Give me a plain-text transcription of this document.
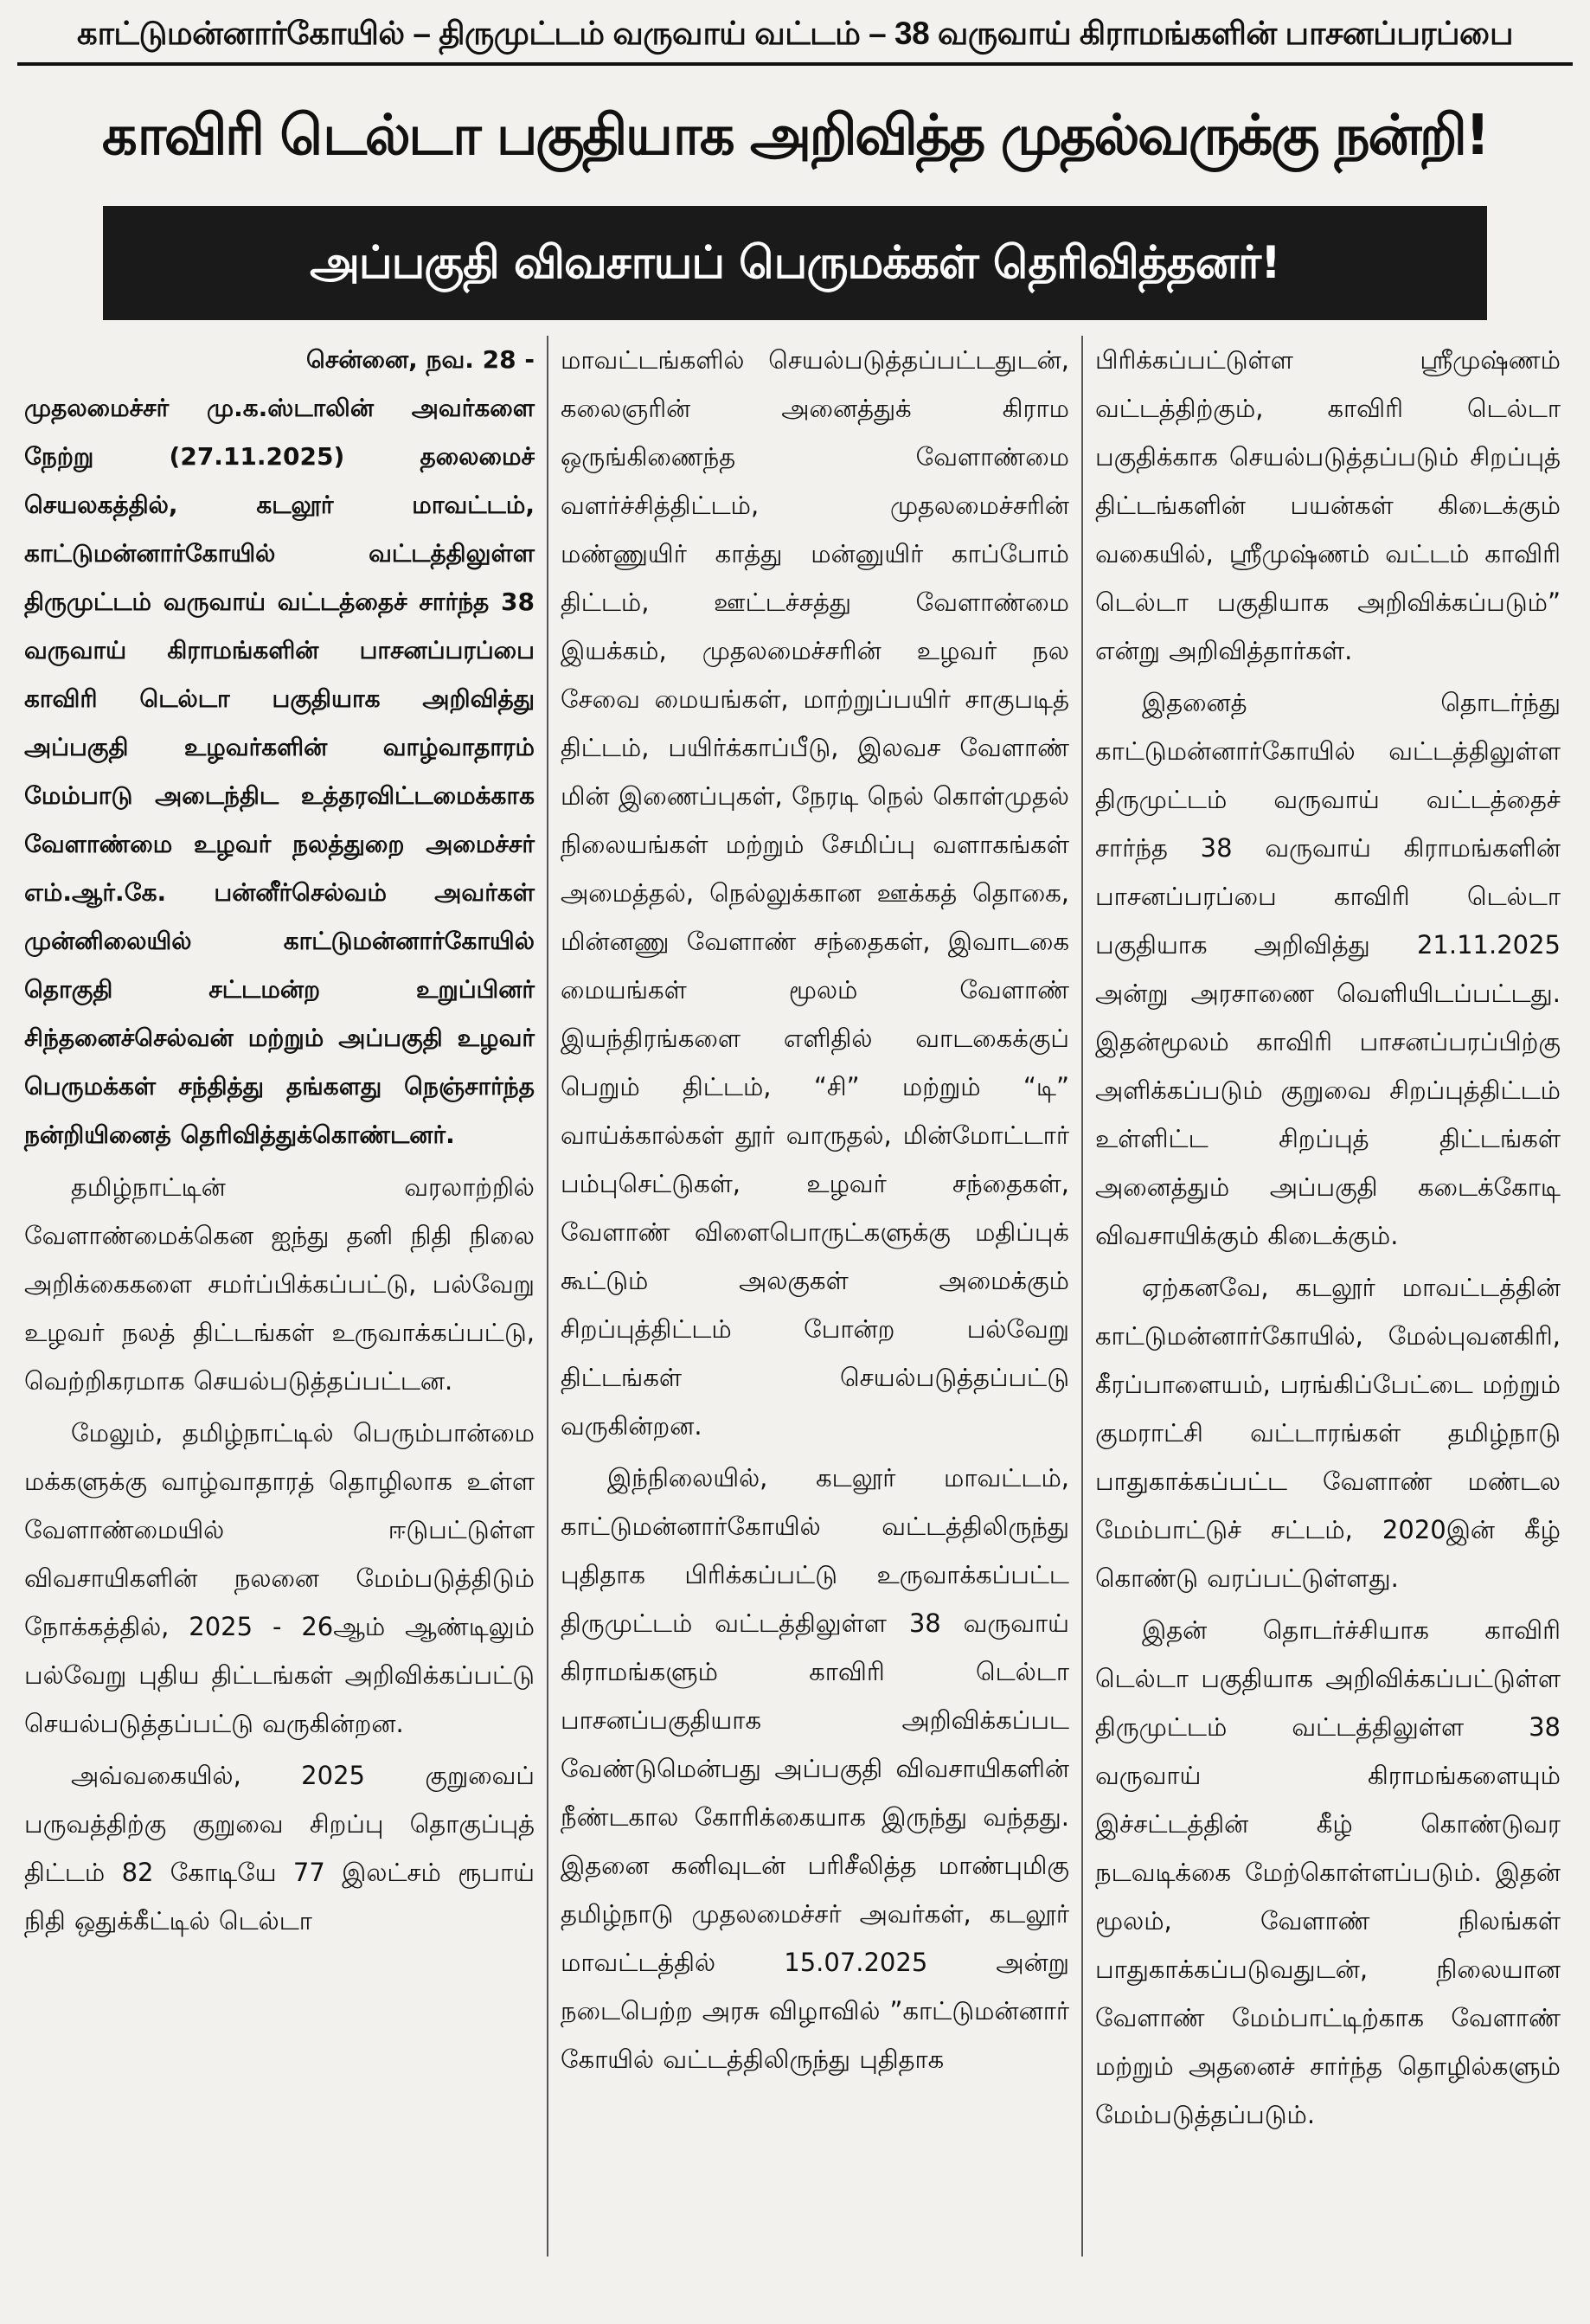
காட்டுமன்னார்கோயில் – திருமுட்டம் வருவாய் வட்டம் – 38 வருவாய் கிராமங்களின் பாசனப்பரப்பை
காவிரி டெல்டா பகுதியாக அறிவித்த முதல்வருக்கு நன்றி!
அப்பகுதி விவசாயப் பெருமக்கள் தெரிவித்தனர்!
சென்னை, நவ. 28 -

முதலமைச்சர் மு.க.ஸ்டாலின் அவர்களை நேற்று (27.11.2025) தலைமைச் செயலகத்தில், கடலூர் மாவட்டம், காட்டுமன்னார்கோயில் வட்டத்திலுள்ள திருமுட்டம் வருவாய் வட்டத்தைச் சார்ந்த 38 வருவாய் கிராமங்களின் பாசனப்பரப்பை காவிரி டெல்டா பகுதியாக அறிவித்து அப்பகுதி உழவர்களின் வாழ்வாதாரம் மேம்பாடு அடைந்திட உத்தரவிட்டமைக்காக வேளாண்மை உழவர் நலத்துறை அமைச்சர் எம்.ஆர்.கே. பன்னீர்செல்வம் அவர்கள் முன்னிலையில் காட்டுமன்னார்கோயில் தொகுதி சட்டமன்ற உறுப்பினர் சிந்தனைச்செல்வன் மற்றும் அப்பகுதி உழவர் பெருமக்கள் சந்தித்து தங்களது நெஞ்சார்ந்த நன்றியினைத் தெரிவித்துக்கொண்டனர்.

தமிழ்நாட்டின் வரலாற்றில் வேளாண்மைக்கென ஐந்து தனி நிதி நிலை அறிக்கைகளை சமர்ப்பிக்கப்பட்டு, பல்வேறு உழவர் நலத் திட்டங்கள் உருவாக்கப்பட்டு, வெற்றிகரமாக செயல்படுத்தப்பட்டன.

மேலும், தமிழ்நாட்டில் பெரும்பான்மை மக்களுக்கு வாழ்வாதாரத் தொழிலாக உள்ள வேளாண்மையில் ஈடுபட்டுள்ள விவசாயிகளின் நலனை மேம்படுத்திடும் நோக்கத்தில், 2025 - 26ஆம் ஆண்டிலும் பல்வேறு புதிய திட்டங்கள் அறிவிக்கப்பட்டு செயல்படுத்தப்பட்டு வருகின்றன.

அவ்வகையில், 2025 குறுவைப் பருவத்திற்கு குறுவை சிறப்பு தொகுப்புத் திட்டம் 82 கோடியே 77 இலட்சம் ரூபாய் நிதி ஒதுக்கீட்டில் டெல்டா

மாவட்டங்களில் செயல்படுத்தப்பட்டதுடன், கலைஞரின் அனைத்துக் கிராம ஒருங்கிணைந்த வேளாண்மை வளர்ச்சித்திட்டம், முதலமைச்சரின் மண்ணுயிர் காத்து மன்னுயிர் காப்போம் திட்டம், ஊட்டச்சத்து வேளாண்மை இயக்கம், முதலமைச்சரின் உழவர் நல சேவை மையங்கள், மாற்றுப்பயிர் சாகுபடித் திட்டம், பயிர்க்காப்பீடு, இலவச வேளாண் மின் இணைப்புகள், நேரடி நெல் கொள்முதல் நிலையங்கள் மற்றும் சேமிப்பு வளாகங்கள் அமைத்தல், நெல்லுக்கான ஊக்கத் தொகை, மின்னணு வேளாண் சந்தைகள், இவாடகை மையங்கள் மூலம் வேளாண் இயந்திரங்களை எளிதில் வாடகைக்குப் பெறும் திட்டம், “சி” மற்றும் “டி” வாய்க்கால்கள் தூர் வாருதல், மின்மோட்டார் பம்புசெட்டுகள், உழவர் சந்தைகள், வேளாண் விளைபொருட்களுக்கு மதிப்புக் கூட்டும் அலகுகள் அமைக்கும் சிறப்புத்திட்டம் போன்ற பல்வேறு திட்டங்கள் செயல்படுத்தப்பட்டு வருகின்றன.

இந்நிலையில், கடலூர் மாவட்டம், காட்டுமன்னார்கோயில் வட்டத்திலிருந்து புதிதாக பிரிக்கப்பட்டு உருவாக்கப்பட்ட திருமுட்டம் வட்டத்திலுள்ள 38 வருவாய் கிராமங்களும் காவிரி டெல்டா பாசனப்பகுதியாக அறிவிக்கப்பட வேண்டுமென்பது அப்பகுதி விவசாயிகளின் நீண்டகால கோரிக்கையாக இருந்து வந்தது. இதனை கனிவுடன் பரிசீலித்த மாண்புமிகு தமிழ்நாடு முதலமைச்சர் அவர்கள், கடலூர் மாவட்டத்தில் 15.07.2025 அன்று நடைபெற்ற அரசு விழாவில் ”காட்டுமன்னார் கோயில் வட்டத்திலிருந்து புதிதாக

பிரிக்கப்பட்டுள்ள ஸ்ரீமுஷ்ணம் வட்டத்திற்கும், காவிரி டெல்டா பகுதிக்காக செயல்படுத்தப்படும் சிறப்புத் திட்டங்களின் பயன்கள் கிடைக்கும் வகையில், ஸ்ரீமுஷ்ணம் வட்டம் காவிரி டெல்டா பகுதியாக அறிவிக்கப்படும்” என்று அறிவித்தார்கள்.

இதனைத் தொடர்ந்து காட்டுமன்னார்கோயில் வட்டத்திலுள்ள திருமுட்டம் வருவாய் வட்டத்தைச் சார்ந்த 38 வருவாய் கிராமங்களின் பாசனப்பரப்பை காவிரி டெல்டா பகுதியாக அறிவித்து 21.11.2025 அன்று அரசாணை வெளியிடப்பட்டது. இதன்மூலம் காவிரி பாசனப்பரப்பிற்கு அளிக்கப்படும் குறுவை சிறப்புத்திட்டம் உள்ளிட்ட சிறப்புத் திட்டங்கள் அனைத்தும் அப்பகுதி கடைக்கோடி விவசாயிக்கும் கிடைக்கும்.

ஏற்கனவே, கடலூர் மாவட்டத்தின் காட்டுமன்னார்கோயில், மேல்புவனகிரி, கீரப்பாளையம், பரங்கிப்பேட்டை மற்றும் குமராட்சி வட்டாரங்கள் தமிழ்நாடு பாதுகாக்கப்பட்ட வேளாண் மண்டல மேம்பாட்டுச் சட்டம், 2020இன் கீழ் கொண்டு வரப்பட்டுள்ளது.

இதன் தொடர்ச்சியாக காவிரி டெல்டா பகுதியாக அறிவிக்கப்பட்டுள்ள திருமுட்டம் வட்டத்திலுள்ள 38 வருவாய் கிராமங்களையும் இச்சட்டத்தின் கீழ் கொண்டுவர நடவடிக்கை மேற்கொள்ளப்படும். இதன் மூலம், வேளாண் நிலங்கள் பாதுகாக்கப்படுவதுடன், நிலையான வேளாண் மேம்பாட்டிற்காக வேளாண் மற்றும் அதனைச் சார்ந்த தொழில்களும் மேம்படுத்தப்படும்.
